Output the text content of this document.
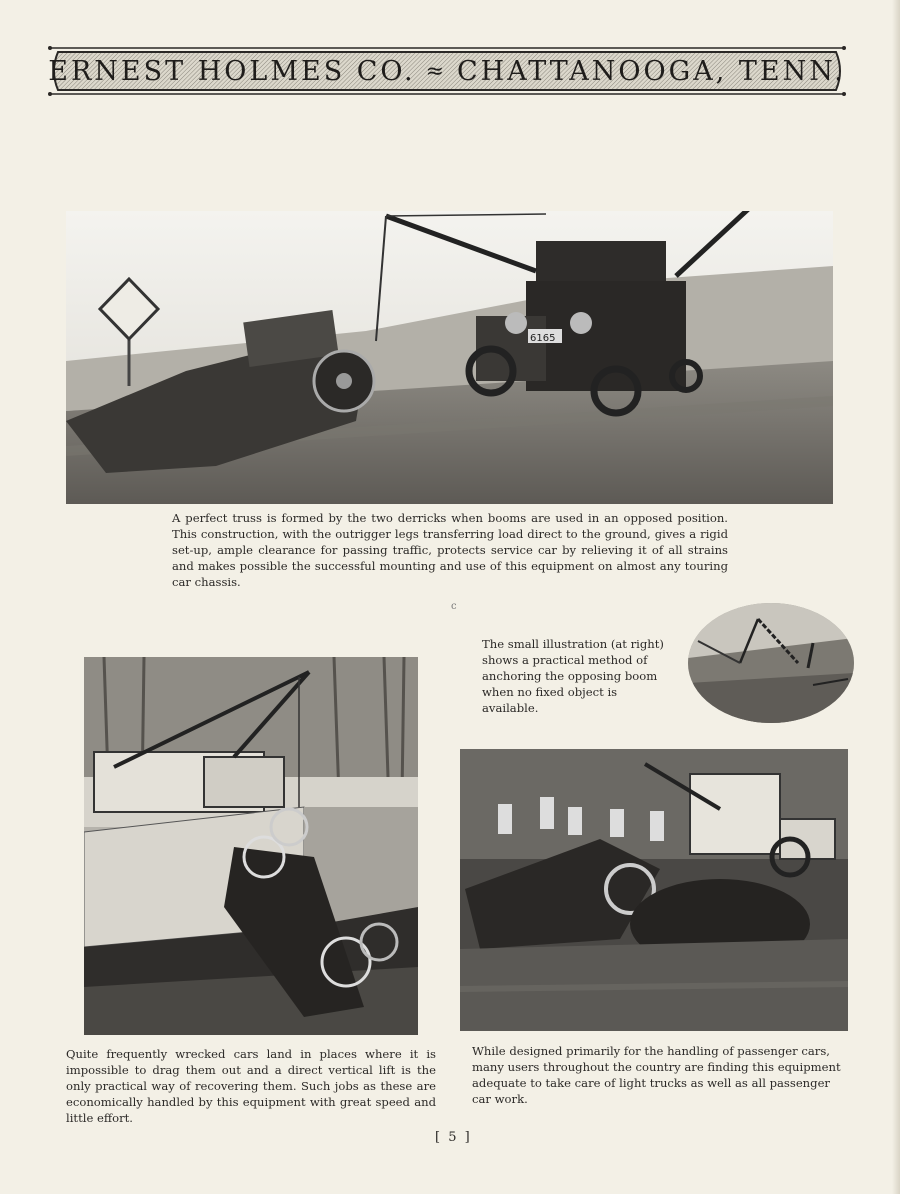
ERNEST HOLMES CO. ≈ CHATTANOOGA, TENN.
6165
A perfect truss is formed by the two derricks when booms are used in an opposed position. This construction, with the outrigger legs transferring load direct to the ground, gives a rigid set-up, ample clearance for passing traffic, protects service car by relieving it of all strains and makes possible the successful mounting and use of this equipment on almost any touring car chassis.
c
The small illustration (at right) shows a practical method of anchoring the opposing boom when no fixed object is available.
Quite frequently wrecked cars land in places where it is impossible to drag them out and a direct vertical lift is the only practical way of recovering them. Such jobs as these are economically handled by this equipment with great speed and little effort.
While designed primarily for the handling of passenger cars, many users throughout the country are finding this equipment adequate to take care of light trucks as well as all passenger car work.
[ 5 ]
